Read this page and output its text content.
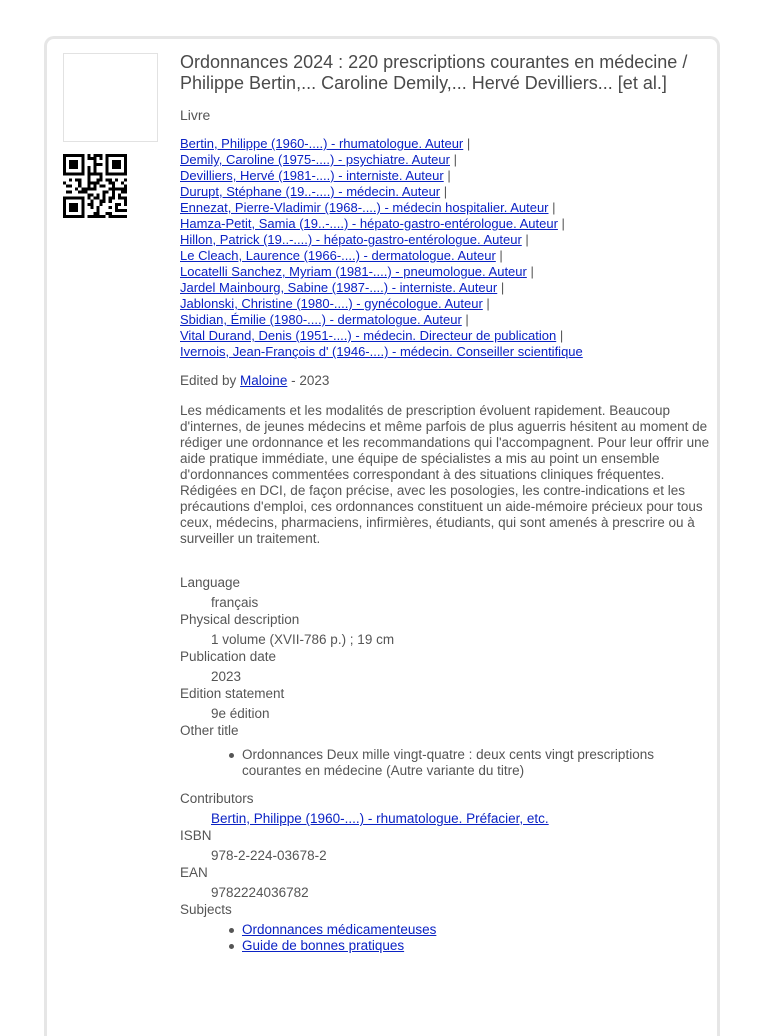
Ordonnances 2024 : 220 prescriptions courantes en médecine / Philippe Bertin,... Caroline Demily,... Hervé Devilliers... [et al.]
Livre
Bertin, Philippe (1960-....) - rhumatologue. Auteur |
Demily, Caroline (1975-....) - psychiatre. Auteur |
Devilliers, Hervé (1981-....) - interniste. Auteur |
Durupt, Stéphane (19..-....) - médecin. Auteur |
Ennezat, Pierre-Vladimir (1968-....) - médecin hospitalier. Auteur |
Hamza-Petit, Samia (19..-....) - hépato-gastro-entérologue. Auteur |
Hillon, Patrick (19..-....) - hépato-gastro-entérologue. Auteur |
Le Cleach, Laurence (1966-....) - dermatologue. Auteur |
Locatelli Sanchez, Myriam (1981-....) - pneumologue. Auteur |
Jardel Mainbourg, Sabine (1987-....) - interniste. Auteur |
Jablonski, Christine (1980-....) - gynécologue. Auteur |
Sbidian, Émilie (1980-....) - dermatologue. Auteur |
Vital Durand, Denis (1951-....) - médecin. Directeur de publication |
Ivernois, Jean-François d' (1946-....) - médecin. Conseiller scientifique
Edited by Maloine - 2023
Les médicaments et les modalités de prescription évoluent rapidement. Beaucoup d'internes, de jeunes médecins et même parfois de plus aguerris hésitent au moment de rédiger une ordonnance et les recommandations qui l'accompagnent. Pour leur offrir une aide pratique immédiate, une équipe de spécialistes a mis au point un ensemble d'ordonnances commentées correspondant à des situations cliniques fréquentes. Rédigées en DCI, de façon précise, avec les posologies, les contre-indications et les précautions d'emploi, ces ordonnances constituent un aide-mémoire précieux pour tous ceux, médecins, pharmaciens, infirmières, étudiants, qui sont amenés à prescrire ou à surveiller un traitement.
Language
français
Physical description
1 volume (XVII-786 p.) ; 19 cm
Publication date
2023
Edition statement
9e édition
Other title
Ordonnances Deux mille vingt-quatre : deux cents vingt prescriptions courantes en médecine (Autre variante du titre)
Contributors
Bertin, Philippe (1960-....) - rhumatologue. Préfacier, etc.
ISBN
978-2-224-03678-2
EAN
9782224036782
Subjects
Ordonnances médicamenteuses
Guide de bonnes pratiques
